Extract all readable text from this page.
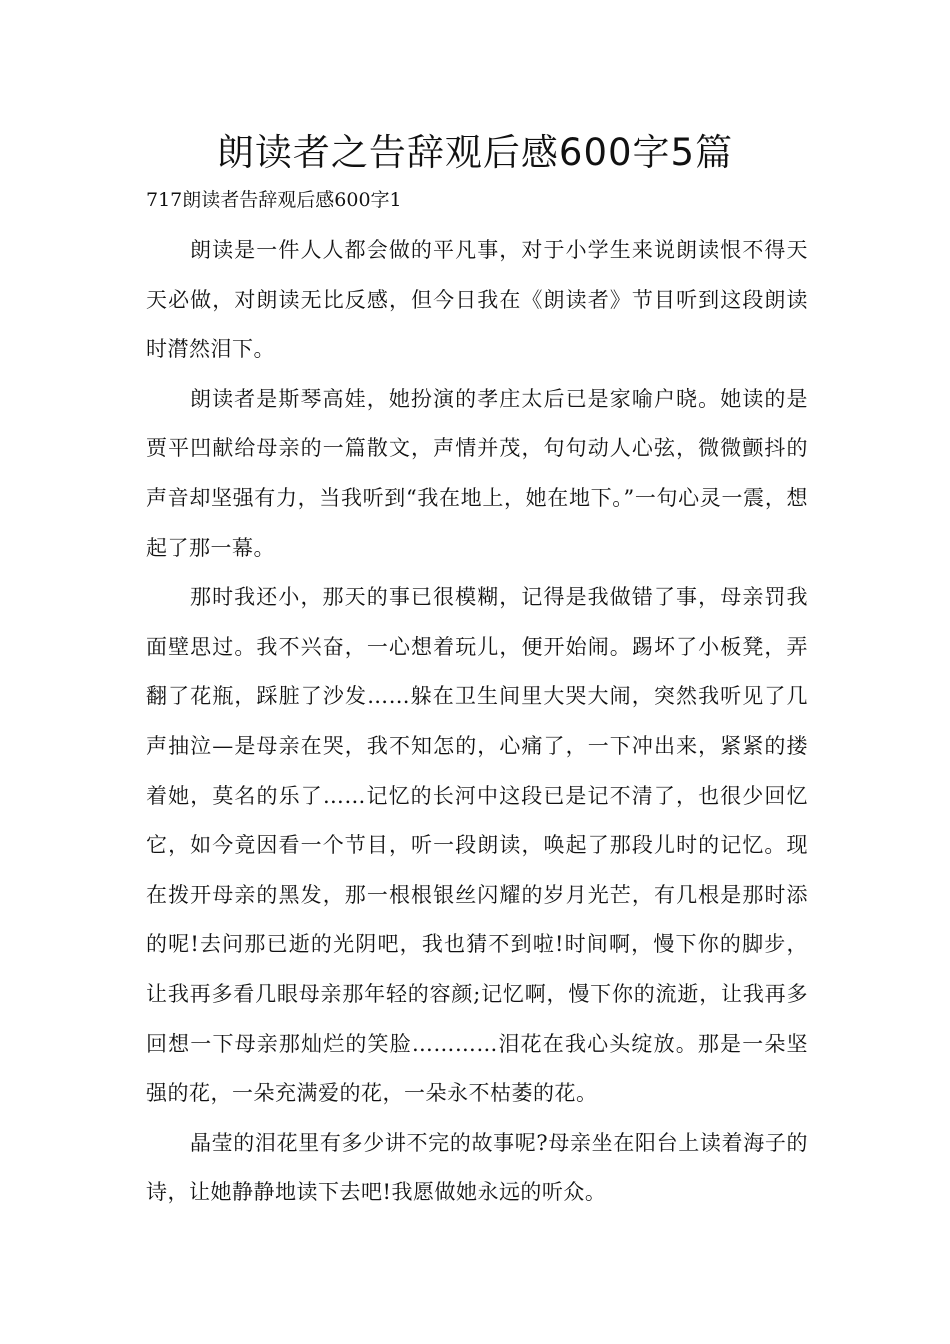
朗读者之告辞观后感600字5篇
717朗读者告辞观后感600字1

朗读是一件人人都会做的平凡事，对于小学生来说朗读恨不得天天必做，对朗读无比反感，但今日我在《朗读者》节目听到这段朗读时潸然泪下。

朗读者是斯琴高娃，她扮演的孝庄太后已是家喻户晓。她读的是贾平凹献给母亲的一篇散文，声情并茂，句句动人心弦，微微颤抖的声音却坚强有力，当我听到“我在地上，她在地下。”一句心灵一震，想起了那一幕。

那时我还小，那天的事已很模糊，记得是我做错了事，母亲罚我面壁思过。我不兴奋，一心想着玩儿，便开始闹。踢坏了小板凳，弄翻了花瓶，踩脏了沙发……躲在卫生间里大哭大闹，突然我听见了几声抽泣—是母亲在哭，我不知怎的，心痛了，一下冲出来，紧紧的搂着她，莫名的乐了……记忆的长河中这段已是记不清了，也很少回忆它，如今竟因看一个节目，听一段朗读，唤起了那段儿时的记忆。现在拨开母亲的黑发，那一根根银丝闪耀的岁月光芒，有几根是那时添的呢!去问那已逝的光阴吧，我也猜不到啦!时间啊，慢下你的脚步，让我再多看几眼母亲那年轻的容颜;记忆啊，慢下你的流逝，让我再多回想一下母亲那灿烂的笑脸…………泪花在我心头绽放。那是一朵坚强的花，一朵充满爱的花，一朵永不枯萎的花。

晶莹的泪花里有多少讲不完的故事呢?母亲坐在阳台上读着海子的诗，让她静静地读下去吧!我愿做她永远的听众。
